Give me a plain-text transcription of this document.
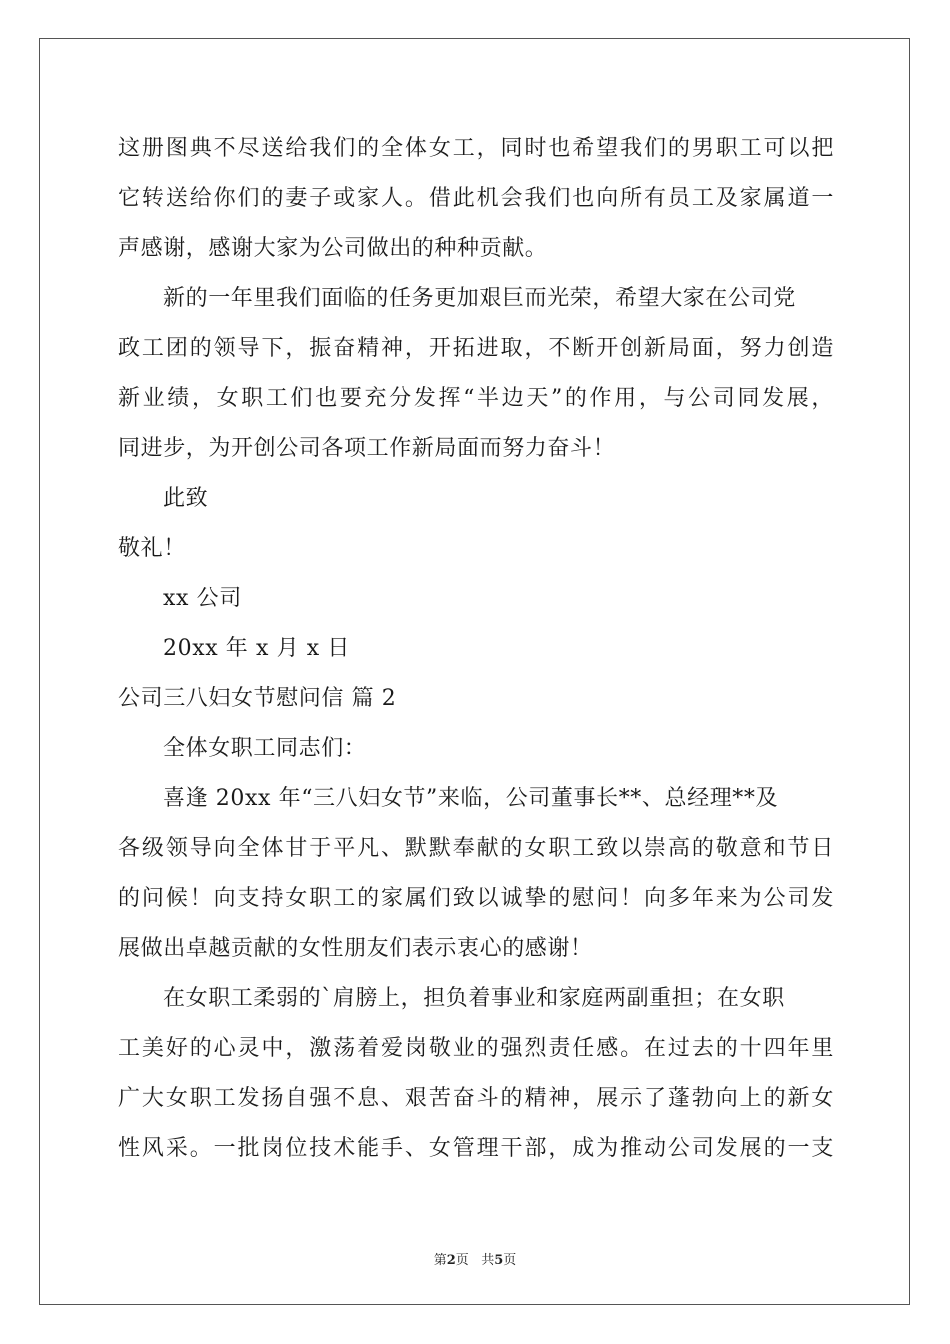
这册图典不尽送给我们的全体女工，同时也希望我们的男职工可以把
它转送给你们的妻子或家人。借此机会我们也向所有员工及家属道一
声感谢，感谢大家为公司做出的种种贡献。
新的一年里我们面临的任务更加艰巨而光荣，希望大家在公司党
政工团的领导下，振奋精神，开拓进取，不断开创新局面，努力创造
新业绩，女职工们也要充分发挥“半边天”的作用，与公司同发展，
同进步，为开创公司各项工作新局面而努力奋斗！
此致
敬礼！
xx 公司
20xx 年 x 月 x 日
公司三八妇女节慰问信 篇 2
全体女职工同志们：
喜逢 20xx 年“三八妇女节”来临，公司董事长**、总经理**及
各级领导向全体甘于平凡、默默奉献的女职工致以崇高的敬意和节日
的问候！向支持女职工的家属们致以诚挚的慰问！向多年来为公司发
展做出卓越贡献的女性朋友们表示衷心的感谢！
在女职工柔弱的`肩膀上，担负着事业和家庭两副重担；在女职
工美好的心灵中，激荡着爱岗敬业的强烈责任感。在过去的十四年里
广大女职工发扬自强不息、艰苦奋斗的精神，展示了蓬勃向上的新女
性风采。一批岗位技术能手、女管理干部，成为推动公司发展的一支
第2页 共5页
